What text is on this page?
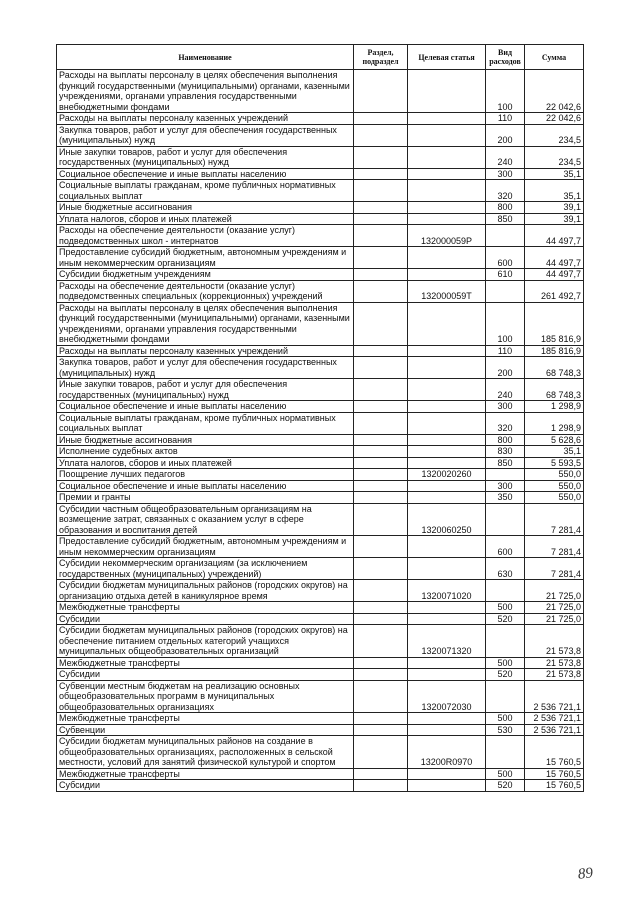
Наименование	Раздел, подраздел	Целевая статья	Вид расходов	Сумма
Расходы на выплаты персоналу в целях обеспечения выполнения функций государственными (муниципальными) органами, казенными учреждениями, органами управления государственными внебюджетными фондами			100	22 042,6
Расходы на выплаты персоналу казенных учреждений			110	22 042,6
Закупка товаров, работ и услуг для обеспечения государственных (муниципальных) нужд			200	234,5
Иные закупки товаров, работ и услуг для обеспечения государственных (муниципальных) нужд			240	234,5
Социальное обеспечение и иные выплаты населению			300	35,1
Социальные выплаты гражданам, кроме публичных нормативных социальных выплат			320	35,1
Иные бюджетные ассигнования			800	39,1
Уплата налогов, сборов и иных платежей			850	39,1
Расходы на обеспечение деятельности (оказание услуг) подведомственных школ - интернатов		132000059Р		44 497,7
Предоставление субсидий бюджетным, автономным учреждениям и иным некоммерческим организациям			600	44 497,7
Субсидии бюджетным учреждениям			610	44 497,7
Расходы на обеспечение деятельности (оказание услуг) подведомственных специальных (коррекционных) учреждений		132000059Т		261 492,7
Расходы на выплаты персоналу в целях обеспечения выполнения функций государственными (муниципальными) органами, казенными учреждениями, органами управления государственными внебюджетными фондами			100	185 816,9
Расходы на выплаты персоналу казенных учреждений			110	185 816,9
Закупка товаров, работ и услуг для обеспечения государственных (муниципальных) нужд			200	68 748,3
Иные закупки товаров, работ и услуг для обеспечения государственных (муниципальных) нужд			240	68 748,3
Социальное обеспечение и иные выплаты населению			300	1 298,9
Социальные выплаты гражданам, кроме публичных нормативных социальных выплат			320	1 298,9
Иные бюджетные ассигнования			800	5 628,6
Исполнение судебных актов			830	35,1
Уплата налогов, сборов и иных платежей			850	5 593,5
Поощрение лучших педагогов		1320020260		550,0
Социальное обеспечение и иные выплаты населению			300	550,0
Премии и гранты			350	550,0
Субсидии частным общеобразовательным организациям на возмещение затрат, связанных с оказанием услуг в сфере образования и воспитания детей		1320060250		7 281,4
Предоставление субсидий бюджетным, автономным учреждениям и иным некоммерческим организациям			600	7 281,4
Субсидии некоммерческим организациям (за исключением государственных (муниципальных) учреждений)			630	7 281,4
Субсидии бюджетам муниципальных районов (городских округов) на организацию отдыха детей в каникулярное время		1320071020		21 725,0
Межбюджетные трансферты			500	21 725,0
Субсидии			520	21 725,0
Субсидии бюджетам муниципальных районов (городских округов) на обеспечение питанием отдельных категорий учащихся муниципальных общеобразовательных организаций		1320071320		21 573,8
Межбюджетные трансферты			500	21 573,8
Субсидии			520	21 573,8
Субвенции местным бюджетам на реализацию основных общеобразовательных программ в муниципальных общеобразовательных организациях		1320072030		2 536 721,1
Межбюджетные трансферты			500	2 536 721,1
Субвенции			530	2 536 721,1
Субсидии бюджетам муниципальных районов на создание в общеобразовательных организациях, расположенных в сельской местности, условий для занятий физической культурой и спортом		13200R0970		15 760,5
Межбюджетные трансферты			500	15 760,5
Субсидии			520	15 760,5
89
